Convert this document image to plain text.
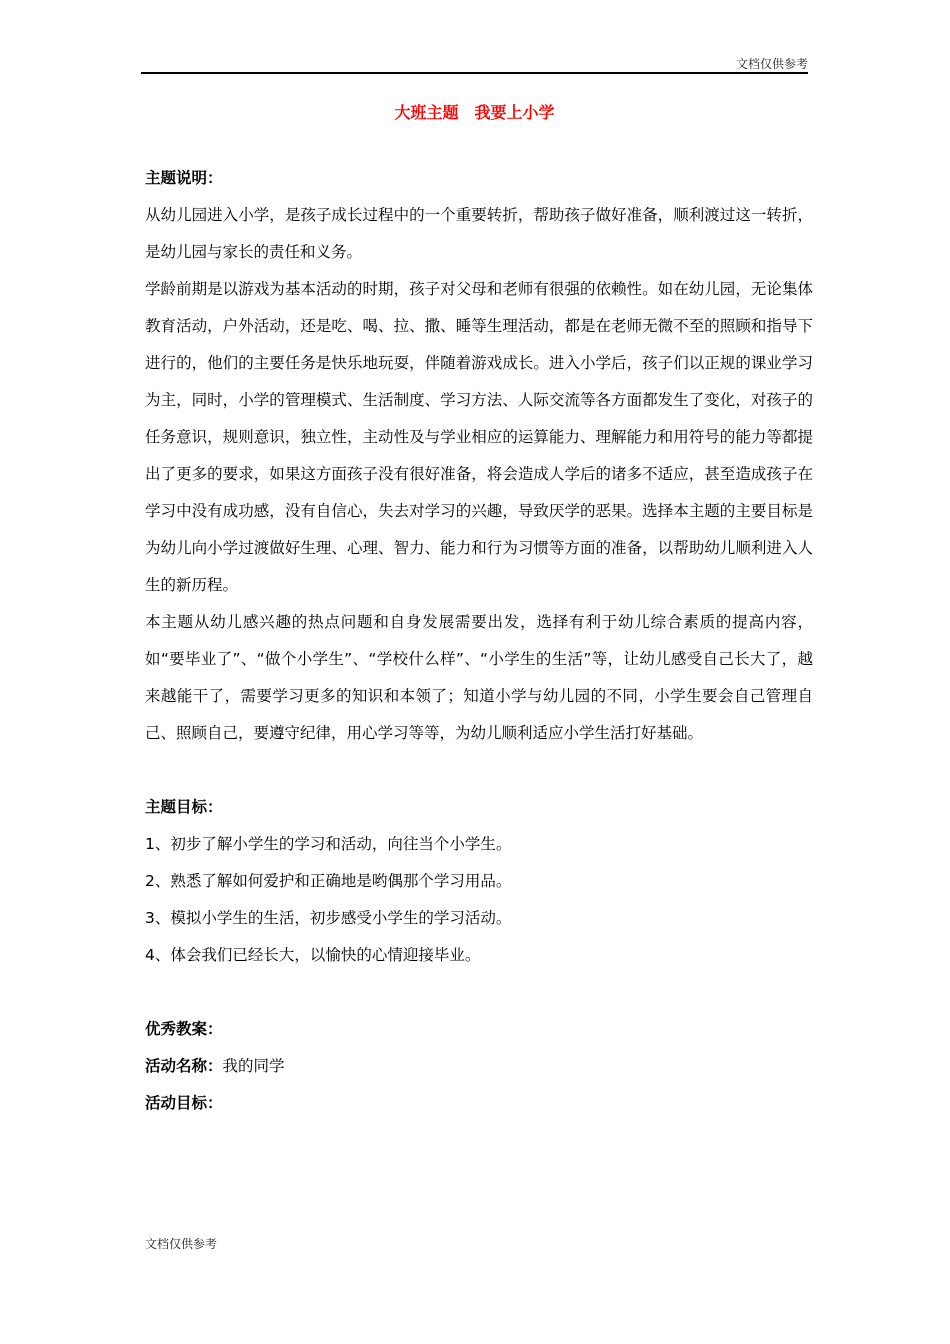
文档仅供参考
大班主题　我要上小学

主题说明：

从幼儿园进入小学，是孩子成长过程中的一个重要转折，帮助孩子做好准备，顺利渡过这一转折，是幼儿园与家长的责任和义务。

学龄前期是以游戏为基本活动的时期，孩子对父母和老师有很强的依赖性。如在幼儿园，无论集体教育活动，户外活动，还是吃、喝、拉、撒、睡等生理活动，都是在老师无微不至的照顾和指导下进行的，他们的主要任务是快乐地玩耍，伴随着游戏成长。进入小学后，孩子们以正规的课业学习为主，同时，小学的管理模式、生活制度、学习方法、人际交流等各方面都发生了变化，对孩子的任务意识，规则意识，独立性，主动性及与学业相应的运算能力、理解能力和用符号的能力等都提出了更多的要求，如果这方面孩子没有很好准备，将会造成人学后的诸多不适应，甚至造成孩子在学习中没有成功感，没有自信心，失去对学习的兴趣，导致厌学的恶果。选择本主题的主要目标是为幼儿向小学过渡做好生理、心理、智力、能力和行为习惯等方面的准备，以帮助幼儿顺利进入人生的新历程。

本主题从幼儿感兴趣的热点问题和自身发展需要出发，选择有利于幼儿综合素质的提高内容，如“要毕业了”、“做个小学生”、“学校什么样”、“小学生的生活”等，让幼儿感受自己长大了，越来越能干了，需要学习更多的知识和本领了；知道小学与幼儿园的不同，小学生要会自己管理自己、照顾自己，要遵守纪律，用心学习等等，为幼儿顺利适应小学生活打好基础。

主题目标：

1、初步了解小学生的学习和活动，向往当个小学生。

2、熟悉了解如何爱护和正确地是哟偶那个学习用品。

3、模拟小学生的生活，初步感受小学生的学习活动。

4、体会我们已经长大，以愉快的心情迎接毕业。

优秀教案：

活动名称：我的同学

活动目标：

文档仅供参考
